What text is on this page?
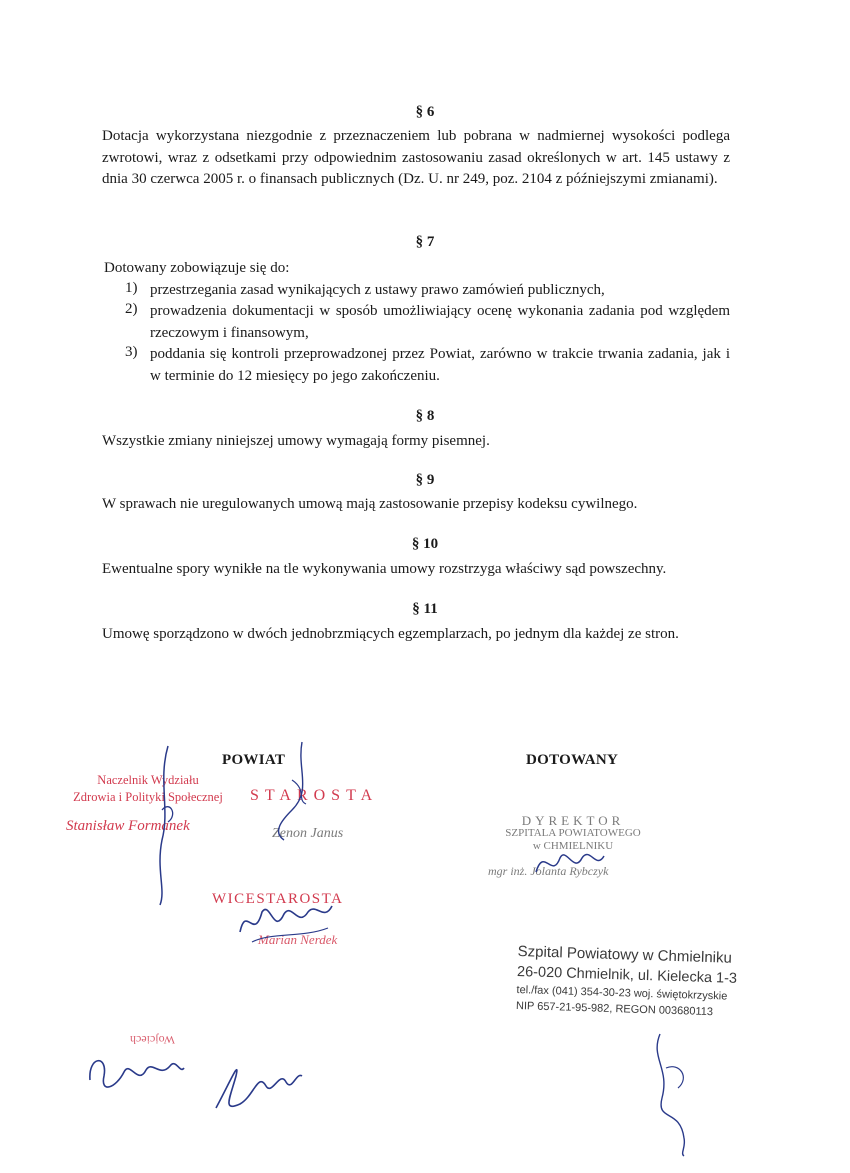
§ 6
Dotacja wykorzystana niezgodnie z przeznaczeniem lub pobrana w nadmiernej wysokości podlega zwrotowi, wraz z odsetkami przy odpowiednim zastosowaniu zasad określonych w art. 145 ustawy z dnia 30 czerwca 2005 r. o finansach publicznych (Dz. U. nr 249, poz. 2104 z późniejszymi zmianami).
§ 7
Dotowany zobowiązuje się do:
1) przestrzegania zasad wynikających z ustawy prawo zamówień publicznych,
2) prowadzenia dokumentacji w sposób umożliwiający ocenę wykonania zadania pod względem rzeczowym i finansowym,
3) poddania się kontroli przeprowadzonej przez Powiat, zarówno w trakcie trwania zadania, jak i w terminie do 12 miesięcy po jego zakończeniu.
§ 8
Wszystkie zmiany niniejszej umowy wymagają formy pisemnej.
§ 9
W sprawach nie uregulowanych umową mają zastosowanie przepisy kodeksu cywilnego.
§ 10
Ewentualne spory wynikłe na tle wykonywania umowy rozstrzyga właściwy sąd powszechny.
§ 11
Umowę sporządzono w dwóch jednobrzmiących egzemplarzach, po jednym dla każdej ze stron.
POWIAT	DOTOWANY
Naczelnik Wydziału
Zdrowia i Polityki Społecznej
Stanisław Formanek
STAROSTA
Zenon Janus
WICESTAROSTA
Marian Nerdek
DYREKTOR
SZPITALA POWIATOWEGO
w CHMIELNIKU
mgr inż. Jolanta Rybczyk
Szpital Powiatowy w Chmielniku
26-020 Chmielnik, ul. Kielecka 1-3
tel./fax (041) 354-30-23 woj. świętokrzyskie
NIP 657-21-95-982, REGON 003680113
Wojciech
